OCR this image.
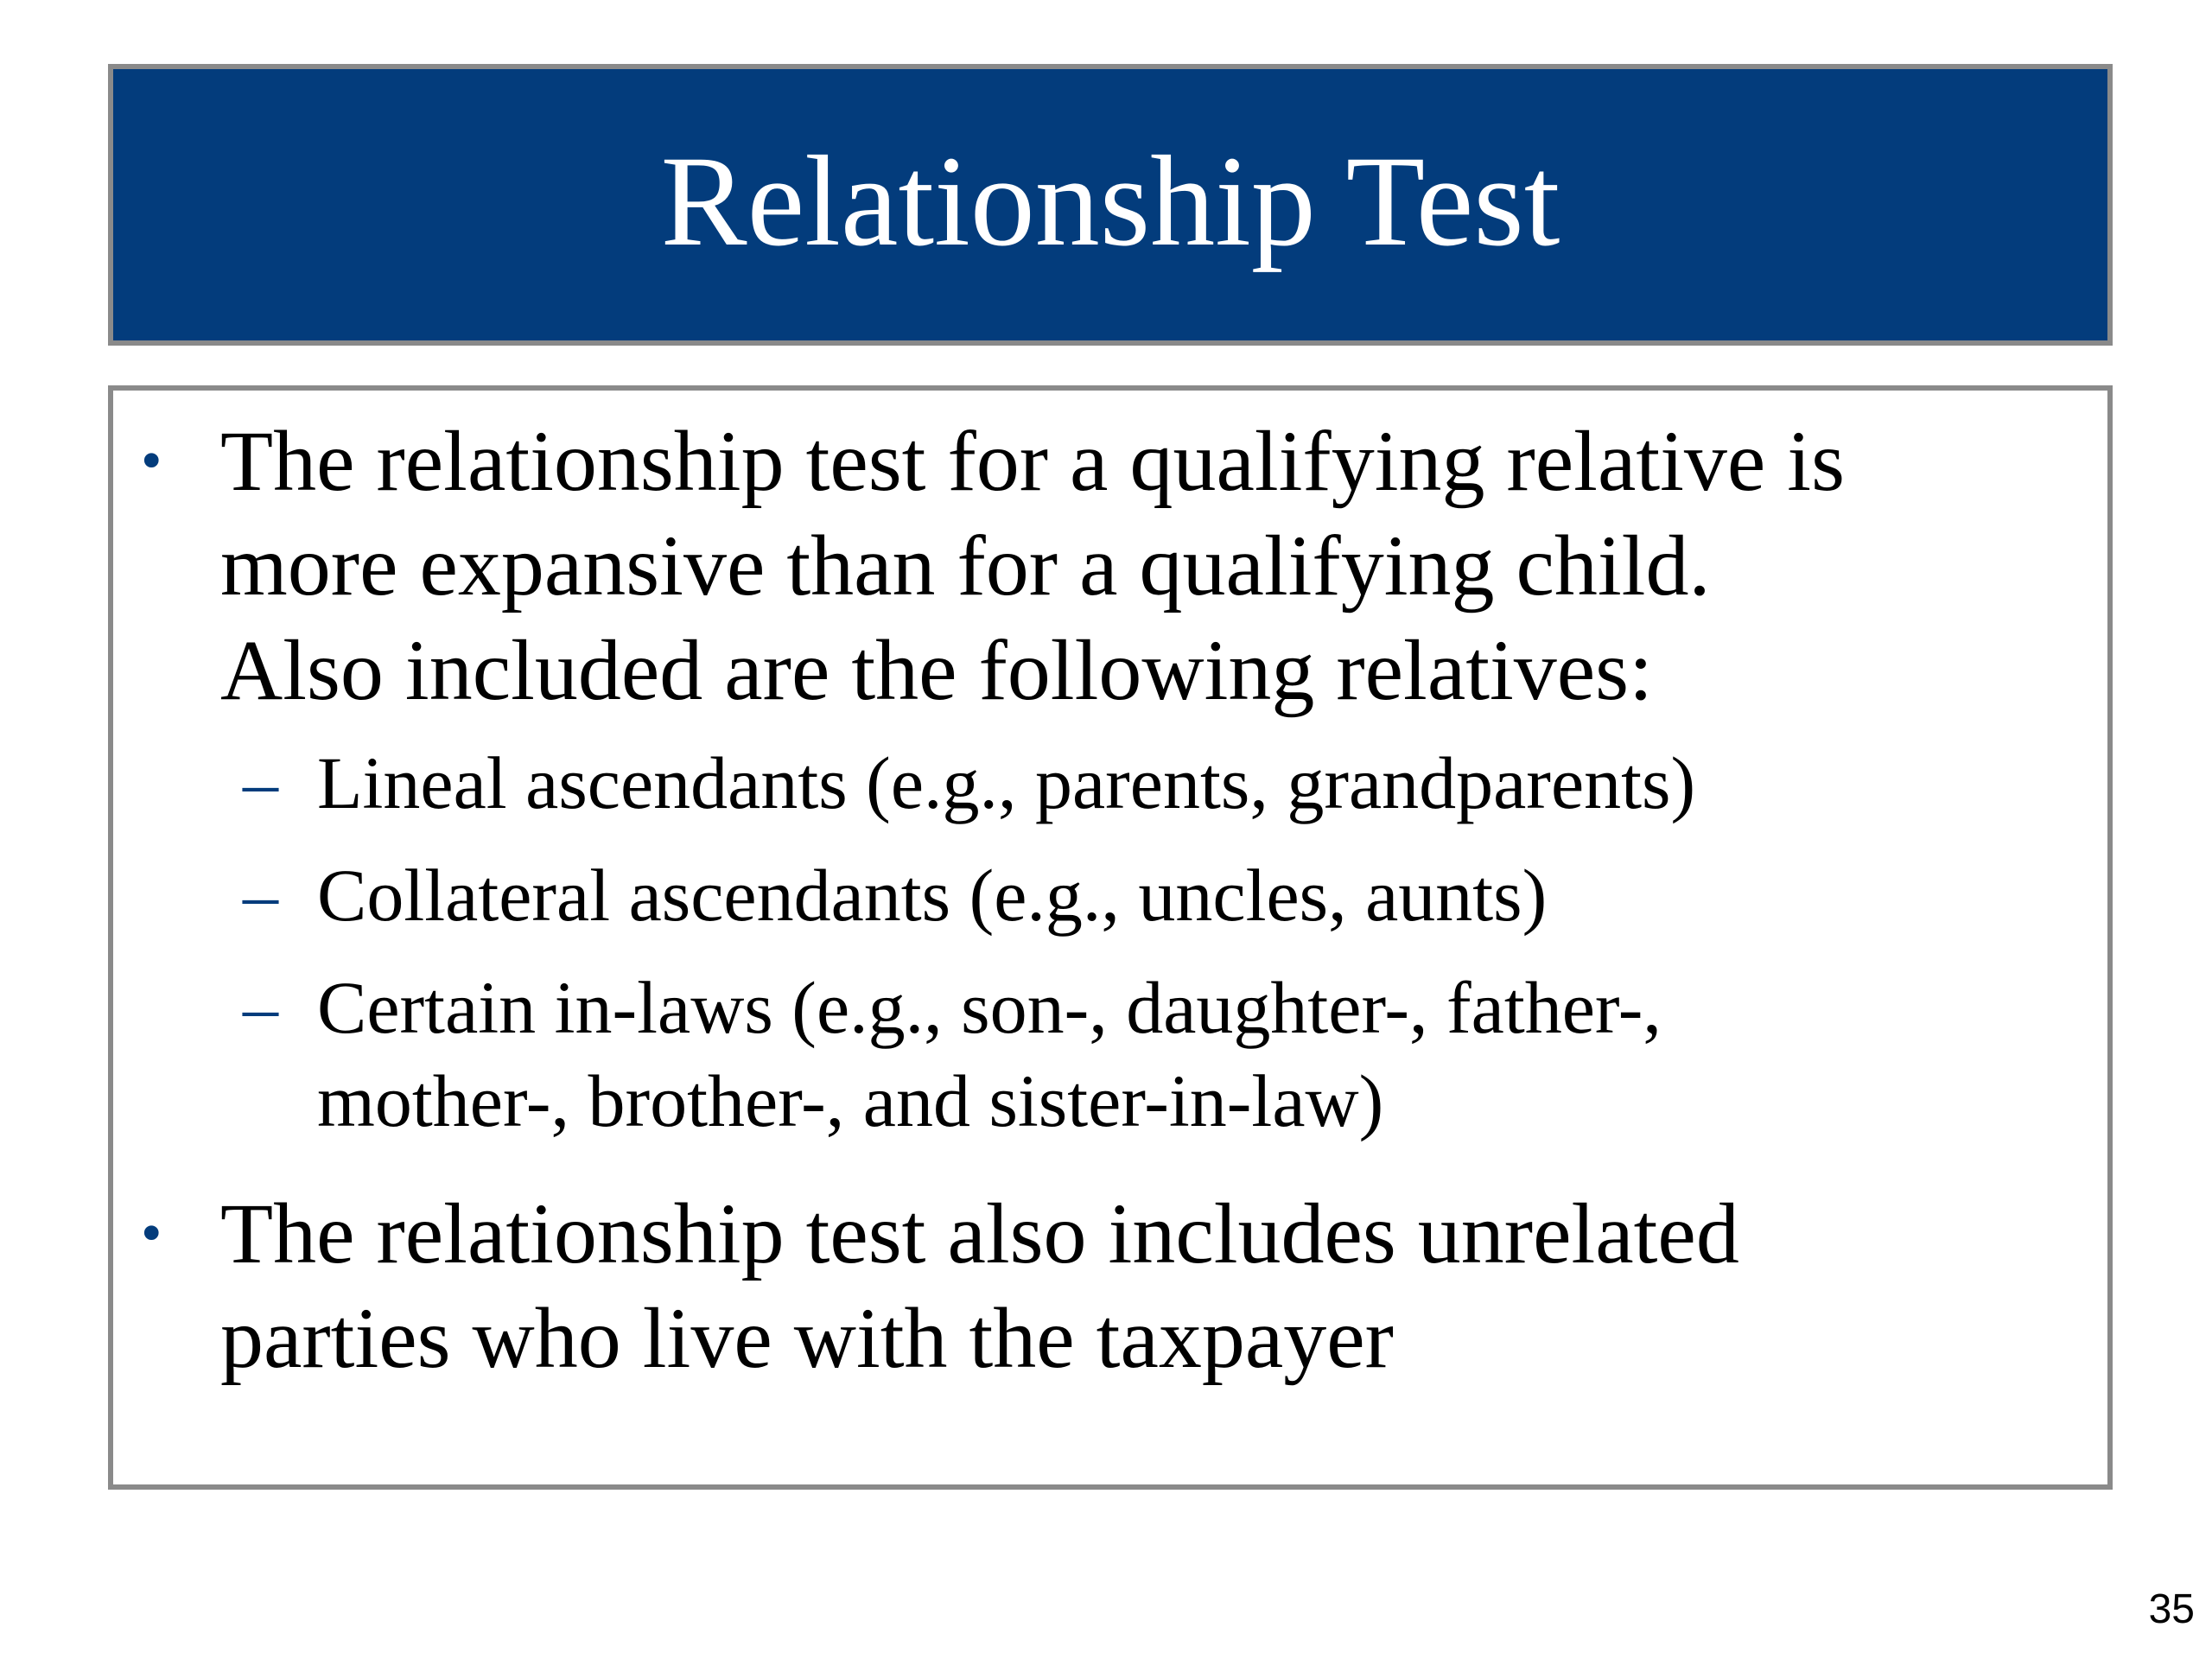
Relationship Test
• The relationship test for a qualifying relative is
more expansive than for a qualifying child.
Also included are the following relatives:
– Lineal ascendants (e.g., parents, grandparents)
– Collateral ascendants (e.g., uncles, aunts)
– Certain in-laws (e.g., son-, daughter-, father-,
mother-, brother-, and sister-in-law)
• The relationship test also includes unrelated
parties who live with the taxpayer
35
